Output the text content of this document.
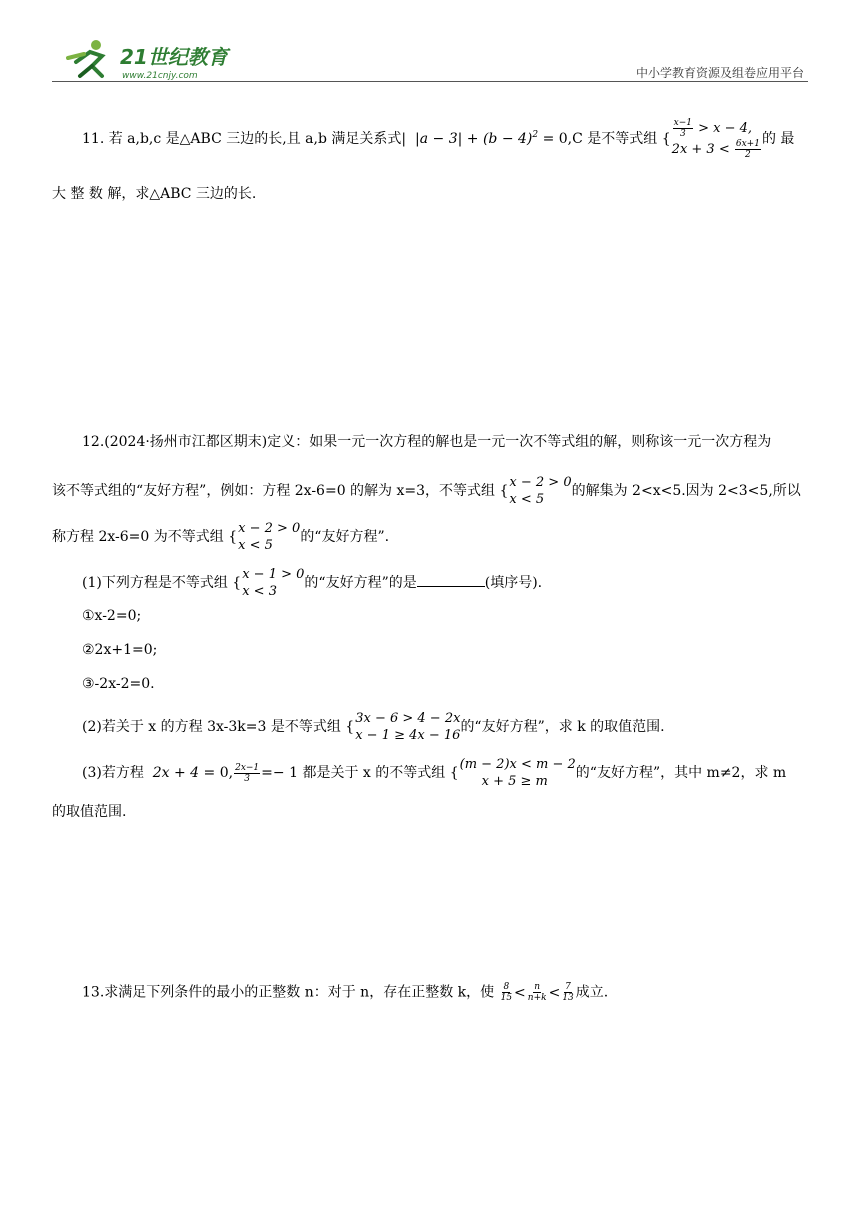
21世纪教育
www.21cnjy.com	中小学教育资源及组卷应用平台
11. 若 a,b,c 是△ABC 三边的长,且 a,b 满足关系式|  $|a - 3| + (b - 4)^2 = 0,C$ 是不等式组 { $\frac{x-1}{3} > x - 4$,
$2x + 3 < \frac{6x+1}{2}$ 的 最
大 整 数 解，求△ABC 三边的长.
12.(2024·扬州市江都区期末)定义：如果一元一次方程的解也是一元一次不等式组的解，则称该一元一次方程为
该不等式组的“友好方程”，例如：方程 2x-6=0 的解为 x=3，不等式组 {
x − 2 > 0
x < 5
的解集为 2<x<5.因为 2<3<5,所以
称方程 2x-6=0 为不等式组 {
x − 2 > 0
x < 5
的“友好方程”.
(1)下列方程是不等式组 {
x − 1 > 0
x < 3
的“友好方程”的是	(填序号).
①x-2=0;
②2x+1=0;
③-2x-2=0.
(2)若关于 x 的方程 3x-3k=3 是不等式组 {
3x − 6 > 4 − 2x
x − 1 ≥ 4x − 16
的“友好方程”，求 k 的取值范围.
(3)若方程  2x + 4 = 0, $\frac{2x-1}{3} =- 1$ 都是关于 x 的不等式组 {
(m − 2)x < m − 2
x + 5 ≥ m
的“友好方程”，其中 m≠2，求 m
的取值范围.
13.求满足下列条件的最小的正整数 n：对于 n，存在正整数 k，使 $\frac{8}{15} < \frac{n}{n+k} < \frac{7}{13}$ 成立.
